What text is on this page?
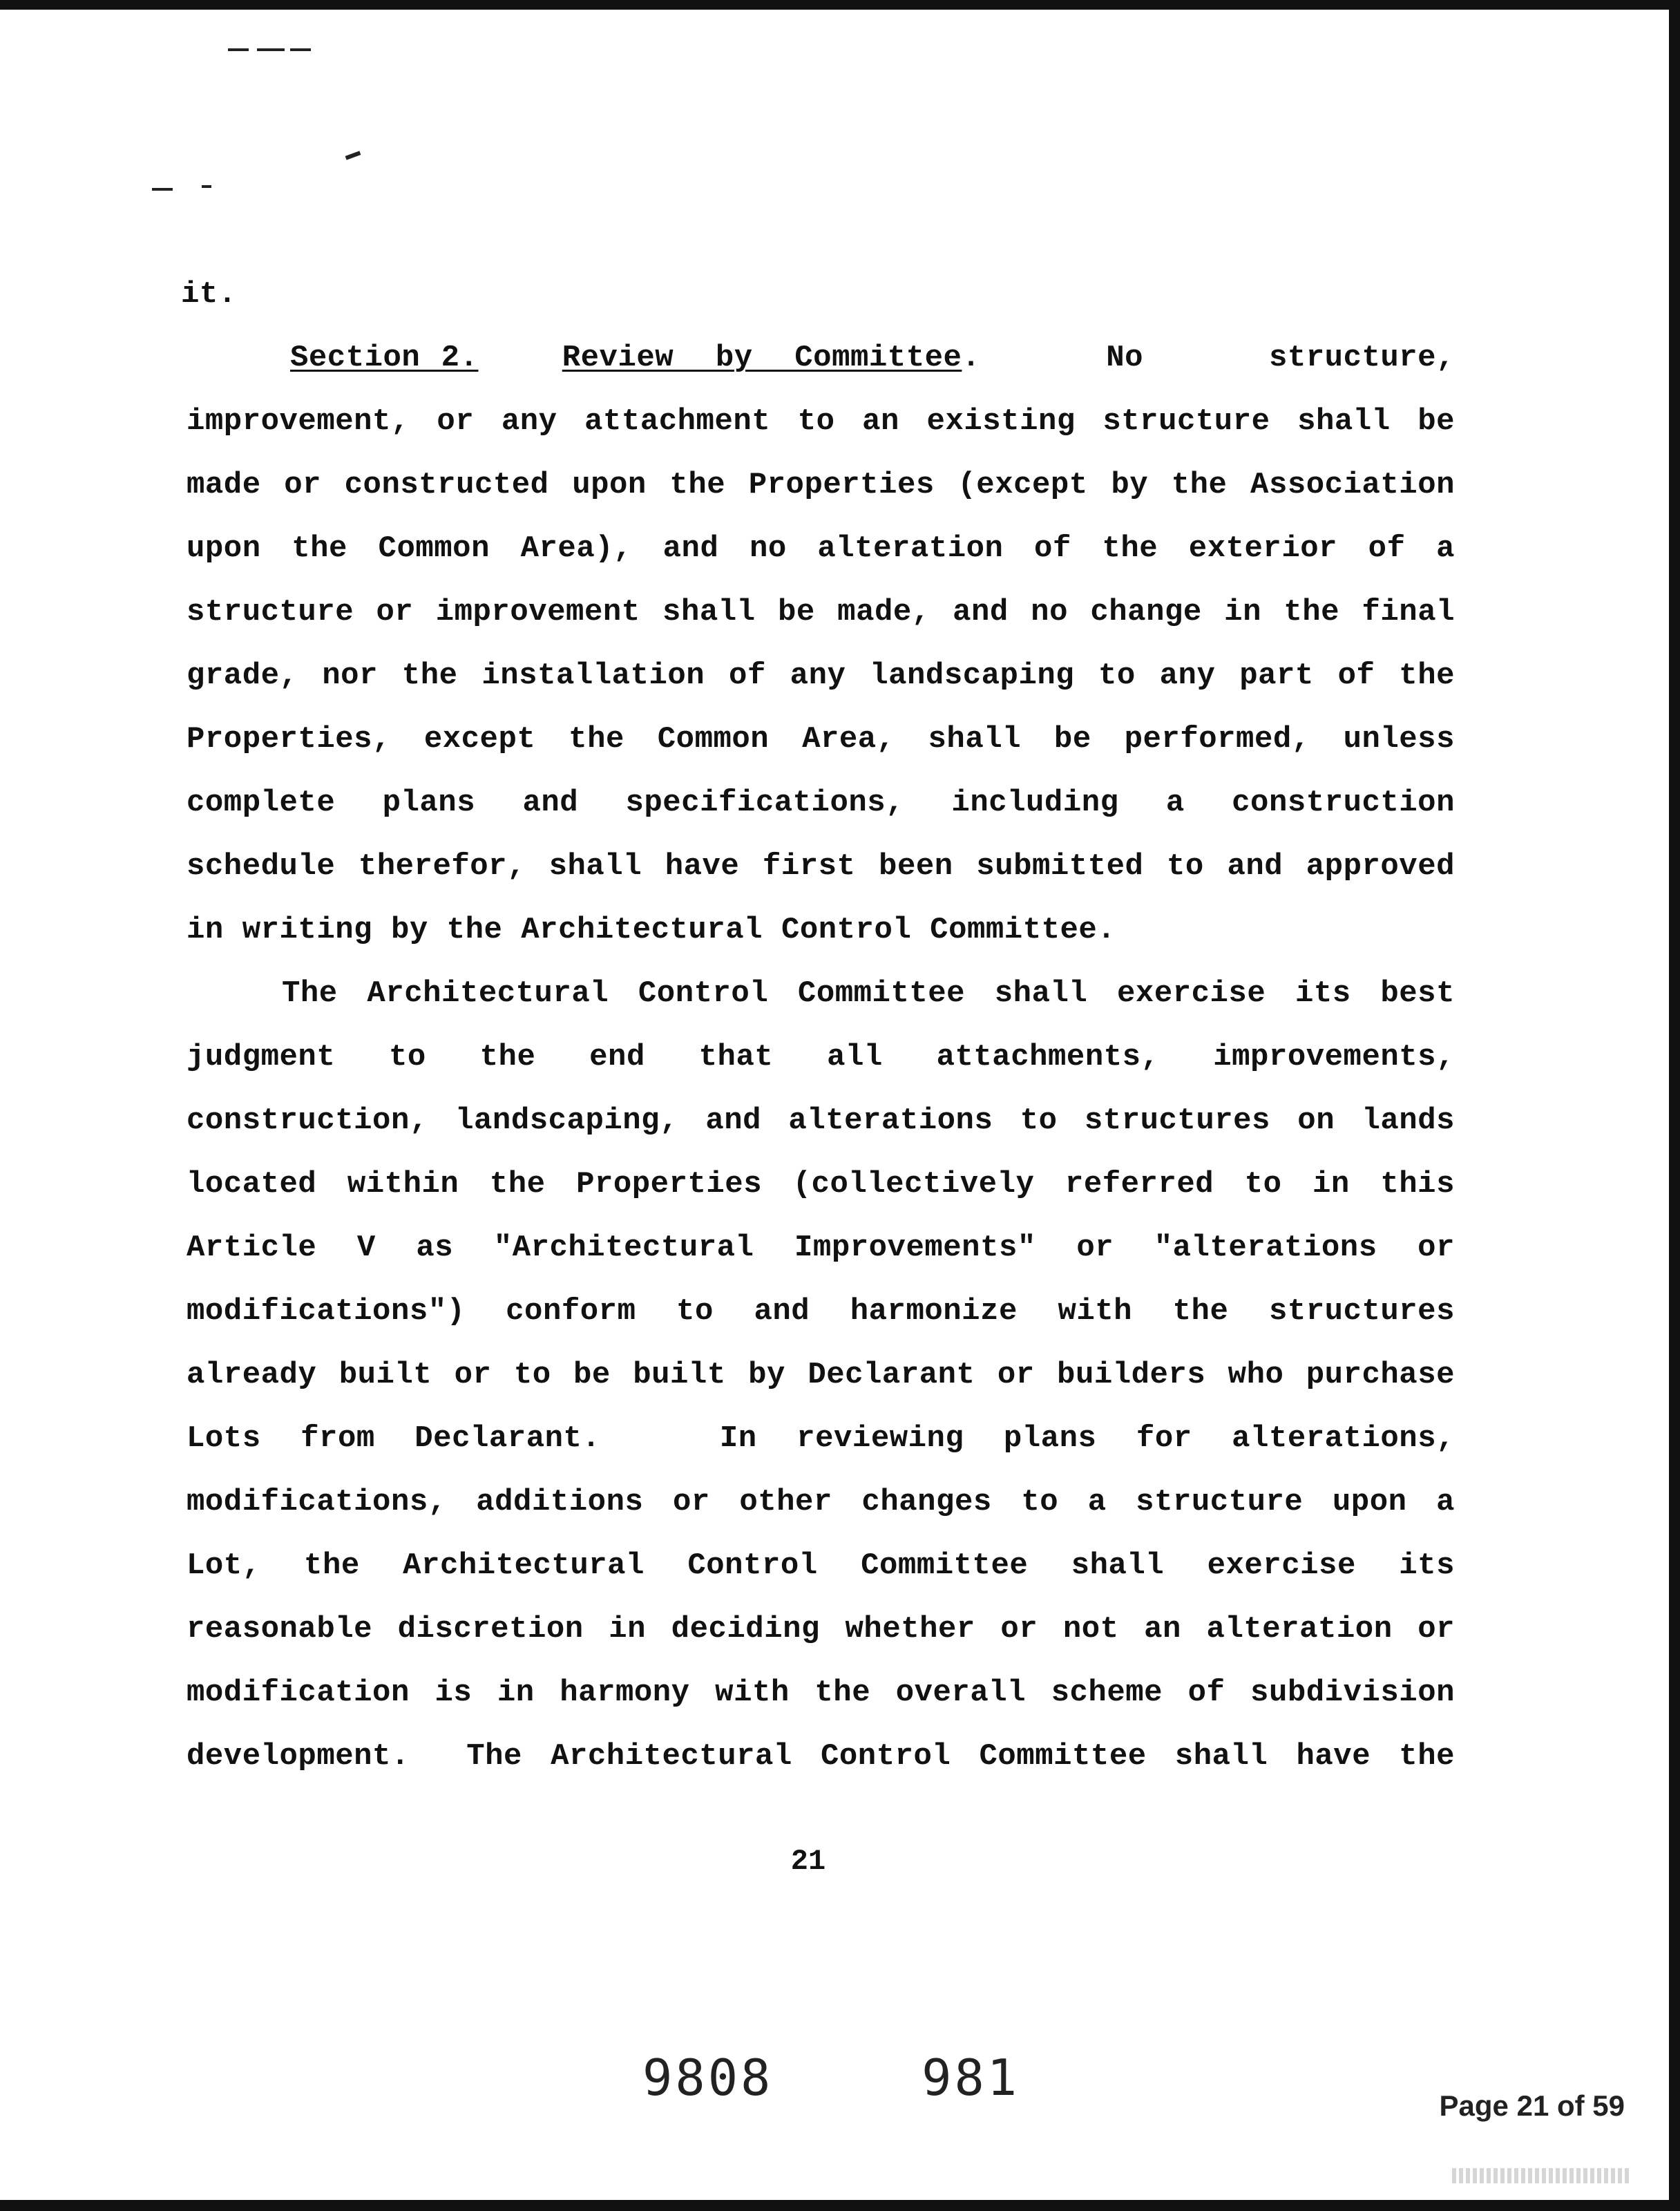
it.
Section 2.	Review  by  Committee.      No      structure,
improvement, or any attachment to an existing structure shall be
made or constructed upon the Properties (except by the Association
upon the Common Area), and no alteration of the exterior of a
structure or improvement shall be made, and no change in the final
grade, nor the installation of any landscaping to any part of the
Properties, except the Common Area, shall be performed, unless
complete plans and specifications, including a construction
schedule therefor, shall have first been submitted to and approved
in writing by the Architectural Control Committee.
The Architectural Control Committee shall exercise its best
judgment to the end that all attachments, improvements,
construction, landscaping, and alterations to structures on lands
located within the Properties (collectively referred to in this
Article V as "Architectural Improvements" or "alterations or
modifications") conform to and harmonize with the structures
already built or to be built by Declarant or builders who purchase
Lots from Declarant.   In reviewing plans for alterations,
modifications, additions or other changes to a structure upon a
Lot, the Architectural Control Committee shall exercise its
reasonable discretion in deciding whether or not an alteration or
modification is in harmony with the overall scheme of subdivision
development.  The Architectural Control Committee shall have the
21
9808	981	Page 21 of 59
